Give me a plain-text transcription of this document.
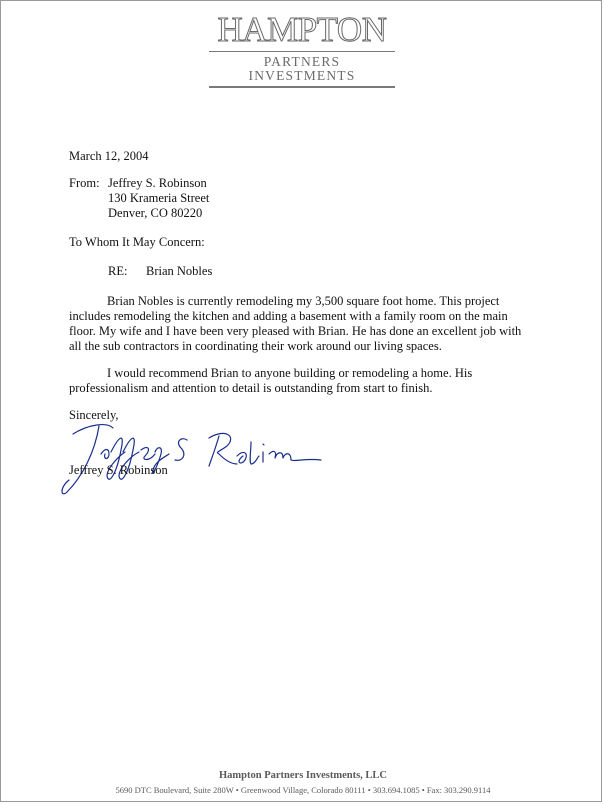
HAMPTON
PARTNERS INVESTMENTS
March 12, 2004
From: Jeffrey S. Robinson
130 Krameria Street
Denver, CO 80220
To Whom It May Concern:
RE: Brian Nobles
Brian Nobles is currently remodeling my 3,500 square foot home. This project
includes remodeling the kitchen and adding a basement with a family room on the main
floor. My wife and I have been very pleased with Brian. He has done an excellent job with
all the sub contractors in coordinating their work around our living spaces.
I would recommend Brian to anyone building or remodeling a home. His
professionalism and attention to detail is outstanding from start to finish.
Sincerely,
Jeffrey S. Robinson
Hampton Partners Investments, LLC
5690 DTC Boulevard, Suite 280W • Greenwood Village, Colorado 80111 • 303.694.1085 • Fax: 303.290.9114
